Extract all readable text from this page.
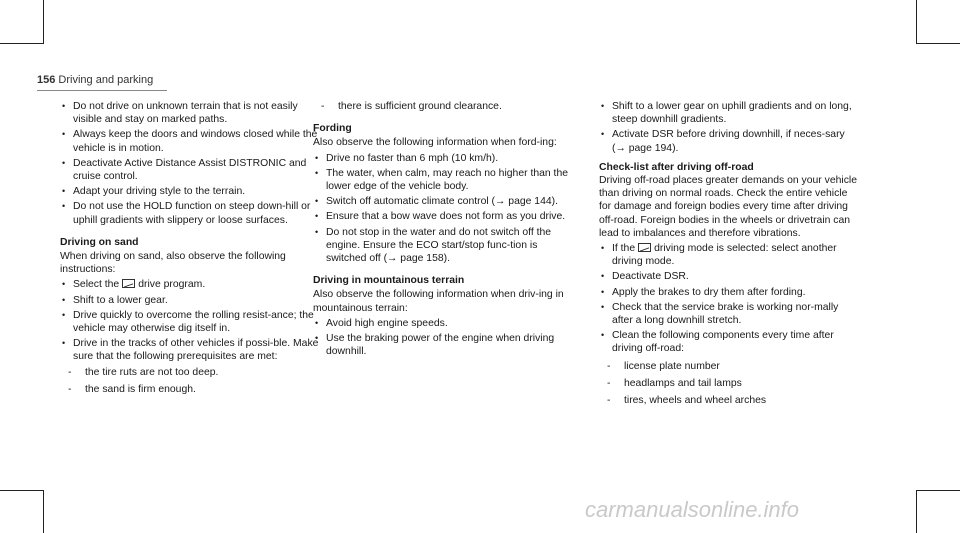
156 Driving and parking
• Do not drive on unknown terrain that is not easily visible and stay on marked paths.
• Always keep the doors and windows closed while the vehicle is in motion.
• Deactivate Active Distance Assist DISTRONIC and cruise control.
• Adapt your driving style to the terrain.
• Do not use the HOLD function on steep down-hill or uphill gradients with slippery or loose surfaces.
Driving on sand
When driving on sand, also observe the following instructions:
• Select the drive program.
• Shift to a lower gear.
• Drive quickly to overcome the rolling resist-ance; the vehicle may otherwise dig itself in.
• Drive in the tracks of other vehicles if possi-ble. Make sure that the following prerequisites are met:
- the tire ruts are not too deep.
- the sand is firm enough.
- there is sufficient ground clearance.
Fording
Also observe the following information when ford-ing:
• Drive no faster than 6 mph (10 km/h).
• The water, when calm, may reach no higher than the lower edge of the vehicle body.
• Switch off automatic climate control (→ page 144).
• Ensure that a bow wave does not form as you drive.
• Do not stop in the water and do not switch off the engine. Ensure the ECO start/stop func-tion is switched off (→ page 158).
Driving in mountainous terrain
Also observe the following information when driv-ing in mountainous terrain:
• Avoid high engine speeds.
• Use the braking power of the engine when driving downhill.
• Shift to a lower gear on uphill gradients and on long, steep downhill gradients.
• Activate DSR before driving downhill, if neces-sary (→ page 194).
Check-list after driving off-road
Driving off-road places greater demands on your vehicle than driving on normal roads. Check the entire vehicle for damage and foreign bodies every time after driving off-road. Foreign bodies in the wheels or drivetrain can lead to imbalances and therefore vibrations.
• If the driving mode is selected: select another driving mode.
• Deactivate DSR.
• Apply the brakes to dry them after fording.
• Check that the service brake is working nor-mally after a long downhill stretch.
• Clean the following components every time after driving off-road:
- license plate number
- headlamps and tail lamps
- tires, wheels and wheel arches
carmanualsonline.info
